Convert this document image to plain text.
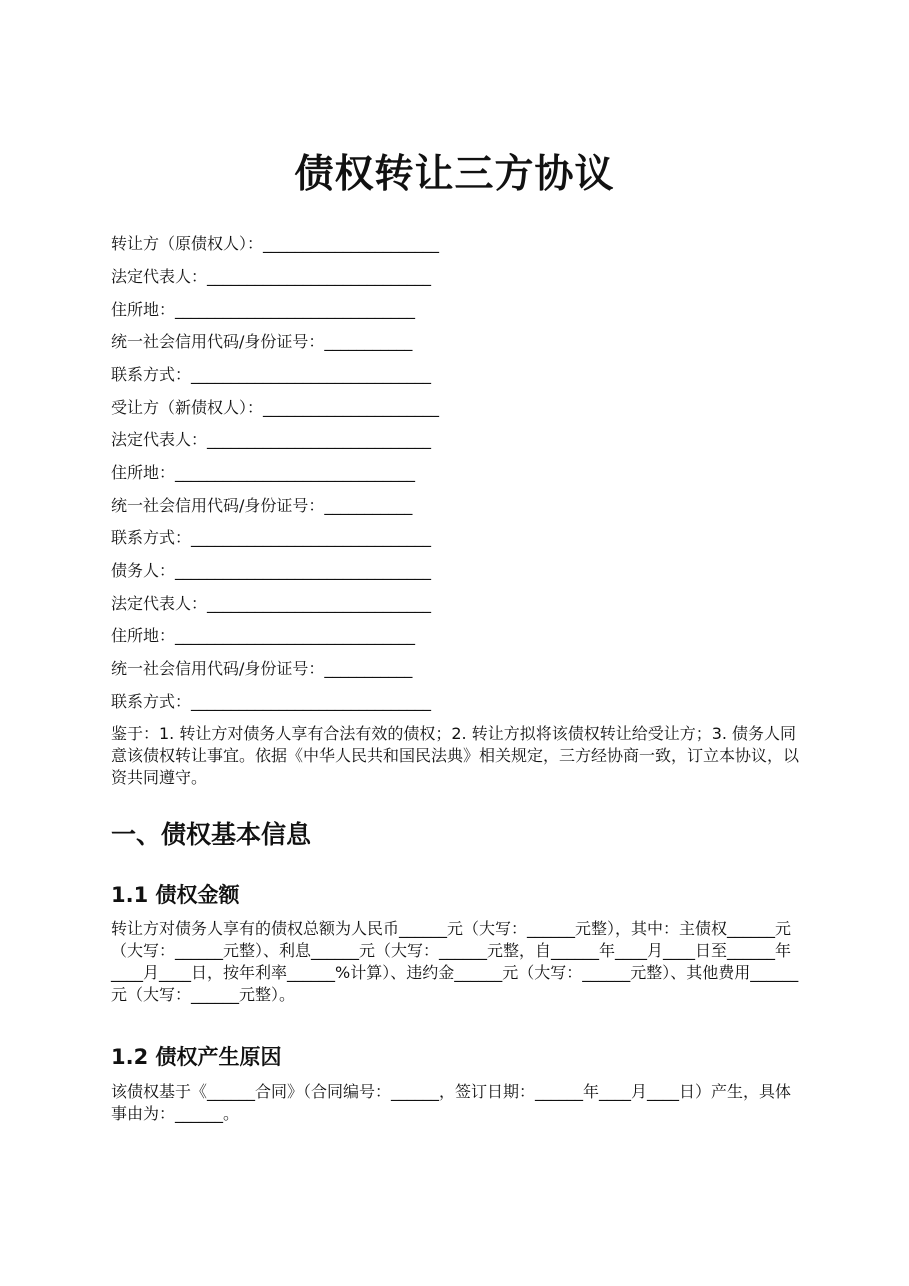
债权转让三方协议
转让方（原债权人）：______________________
法定代表人：____________________________
住所地：______________________________
统一社会信用代码/身份证号：___________
联系方式：______________________________
受让方（新债权人）：______________________
法定代表人：____________________________
住所地：______________________________
统一社会信用代码/身份证号：___________
联系方式：______________________________
债务人：________________________________
法定代表人：____________________________
住所地：______________________________
统一社会信用代码/身份证号：___________
联系方式：______________________________
鉴于：1. 转让方对债务人享有合法有效的债权；2. 转让方拟将该债权转让给受让方；3. 债务人同意该债权转让事宜。依据《中华人民共和国民法典》相关规定，三方经协商一致，订立本协议，以资共同遵守。
一、债权基本信息
1.1 债权金额
转让方对债务人享有的债权总额为人民币______元（大写：______元整），其中：主债权______元（大写：______元整）、利息______元（大写：______元整，自______年____月____日至______年____月____日，按年利率______%计算）、违约金______元（大写：______元整）、其他费用______元（大写：______元整）。
1.2 债权产生原因
该债权基于《______合同》（合同编号：______，签订日期：______年____月____日）产生，具体事由为：______。
